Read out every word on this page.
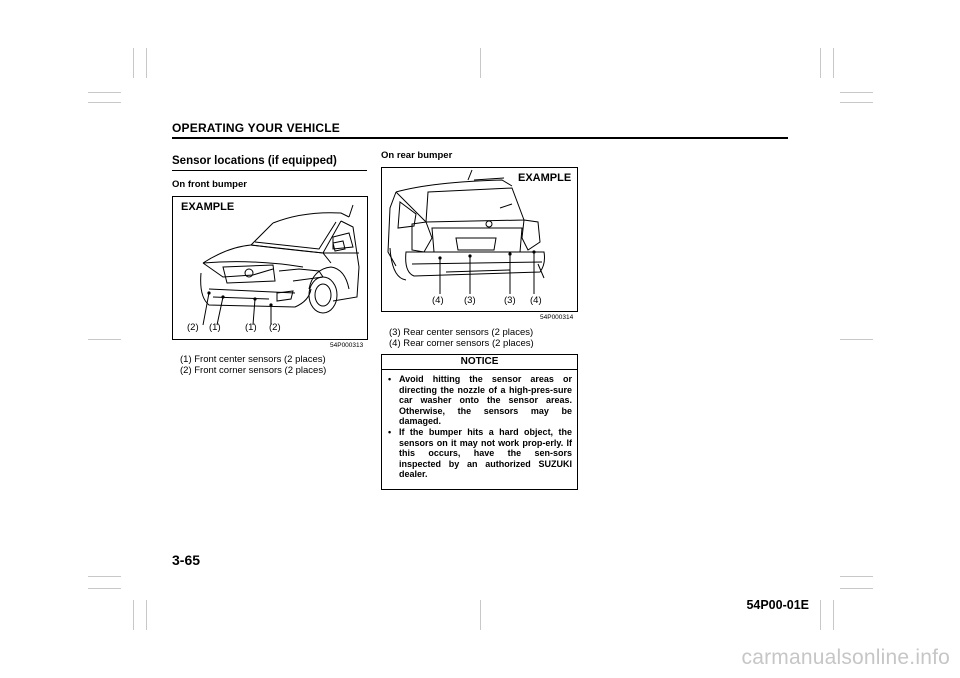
OPERATING YOUR VEHICLE
Sensor locations (if equipped)
On front bumper
EXAMPLE
(2) (1)	(1) (2)
54P000313
(1) Front center sensors (2 places)
(2) Front corner sensors (2 places)
On rear bumper
EXAMPLE
(4) (3)	(3) (4)
54P000314
(3) Rear center sensors (2 places)
(4) Rear corner sensors (2 places)
NOTICE
• Avoid hitting the sensor areas or directing the nozzle of a high-pres-sure car washer onto the sensor areas. Otherwise, the sensors may be damaged.
• If the bumper hits a hard object, the sensors on it may not work prop-erly. If this occurs, have the sen-sors inspected by an authorized SUZUKI dealer.
3-65
54P00-01E
carmanualsonline.info
